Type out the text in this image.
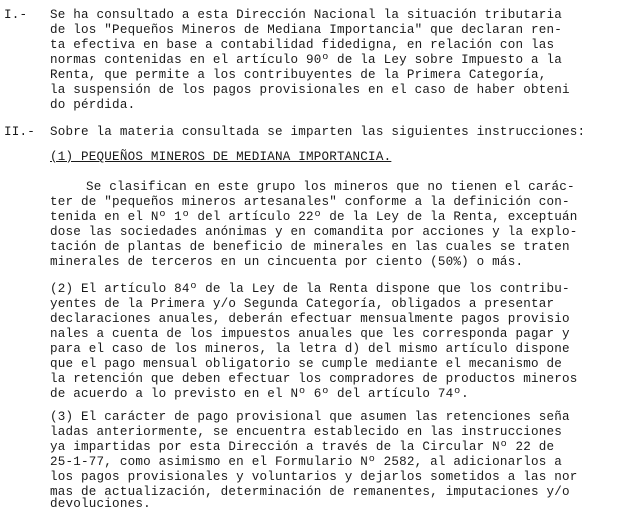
I.- Se ha consultado a esta Dirección Nacional la situación tributaria
de los "Pequeños Mineros de Mediana Importancia" que declaran ren-
ta efectiva en base a contabilidad fidedigna, en relación con las
normas contenidas en el artículo 90º de la Ley sobre Impuesto a la
Renta, que permite a los contribuyentes de la Primera Categoría,
la suspensión de los pagos provisionales en el caso de haber obteni
do pérdida.
II.- Sobre la materia consultada se imparten las siguientes instrucciones:
(1) PEQUEÑOS MINEROS DE MEDIANA IMPORTANCIA.
Se clasifican en este grupo los mineros que no tienen el carác-
ter de "pequeños mineros artesanales" conforme a la definición con-
tenida en el Nº 1º del artículo 22º de la Ley de la Renta, exceptuán
dose las sociedades anónimas y en comandita por acciones y la explo-
tación de plantas de beneficio de minerales en las cuales se traten
minerales de terceros en un cincuenta por ciento (50%) o más.
(2) El artículo 84º de la Ley de la Renta dispone que los contribu-
yentes de la Primera y/o Segunda Categoría, obligados a presentar
declaraciones anuales, deberán efectuar mensualmente pagos provisio
nales a cuenta de los impuestos anuales que les corresponda pagar y
para el caso de los mineros, la letra d) del mismo artículo dispone
que el pago mensual obligatorio se cumple mediante el mecanismo de
la retención que deben efectuar los compradores de productos mineros
de acuerdo a lo previsto en el Nº 6º del artículo 74º.
(3) El carácter de pago provisional que asumen las retenciones seña
ladas anteriormente, se encuentra establecido en las instrucciones
ya impartidas por esta Dirección a través de la Circular Nº 22 de
25-1-77, como asimismo en el Formulario Nº 2582, al adicionarlos a
los pagos provisionales y voluntarios y dejarlos sometidos a las nor
mas de actualización, determinación de remanentes, imputaciones y/o
devoluciones.
